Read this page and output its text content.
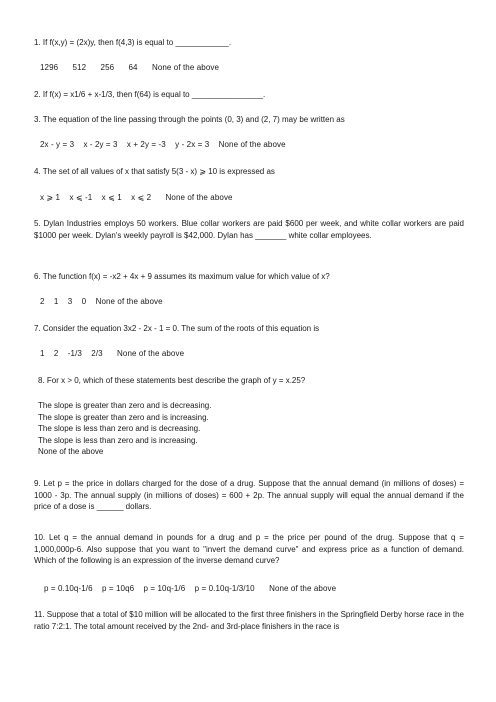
1. If f(x,y) = (2x)y, then f(4,3) is equal to ____________.
1296 512 256 64 None of the above
2. If f(x) = x1/6 + x-1/3, then f(64) is equal to ________________.
3. The equation of the line passing through the points (0, 3) and (2, 7) may be written as
2x - y = 3 x - 2y = 3 x + 2y = -3 y - 2x = 3 None of the above
4. The set of all values of x that satisfy 5(3 - x) ⩾ 10 is expressed as
x ⩾ 1 x ⩽ -1 x ⩽ 1 x ⩽ 2 None of the above
5. Dylan Industries employs 50 workers. Blue collar workers are paid $600 per week, and white collar workers are paid $1000 per week. Dylan's weekly payroll is $42,000. Dylan has _______ white collar employees.
6. The function f(x) = -x2 + 4x + 9 assumes its maximum value for which value of x?
2 1 3 0 None of the above
7. Consider the equation 3x2 - 2x - 1 = 0. The sum of the roots of this equation is
1 2 -1/3 2/3 None of the above
8. For x > 0, which of these statements best describe the graph of y = x.25?
The slope is greater than zero and is decreasing.
The slope is greater than zero and is increasing.
The slope is less than zero and is decreasing.
The slope is less than zero and is increasing.
None of the above
9. Let p = the price in dollars charged for the dose of a drug. Suppose that the annual demand (in millions of doses) = 1000 - 3p. The annual supply (in millions of doses) = 600 + 2p. The annual supply will equal the annual demand if the price of a dose is ______ dollars.
10. Let q = the annual demand in pounds for a drug and p = the price per pound of the drug. Suppose that q = 1,000,000p-6. Also suppose that you want to "invert the demand curve" and express price as a function of demand. Which of the following is an expression of the inverse demand curve?
p = 0.10q-1/6 p = 10q6 p = 10q-1/6 p = 0.10q-1/3/10 None of the above
11. Suppose that a total of $10 million will be allocated to the first three finishers in the Springfield Derby horse race in the ratio 7:2:1. The total amount received by the 2nd- and 3rd-place finishers in the race is
